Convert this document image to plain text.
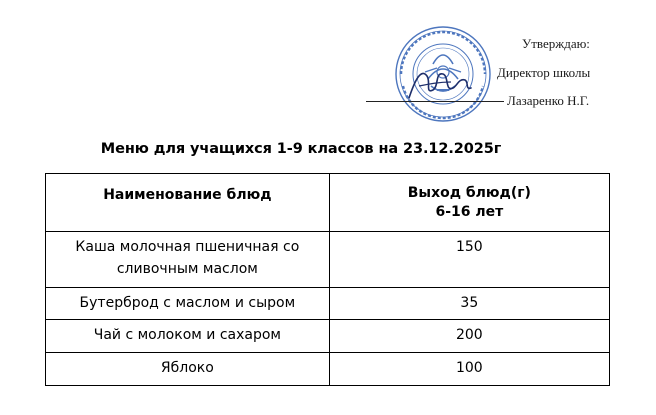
Утверждаю:
Директор школы
Лазаренко Н.Г.
Меню для учащихся 1-9 классов на 23.12.2025г
Наименование блюд	Выход блюд(г)
6-16 лет

Каша молочная пшеничная со
сливочным маслом	150

Бутерброд с маслом и сыром	35

Чай с молоком и сахаром	200

Яблоко	100
